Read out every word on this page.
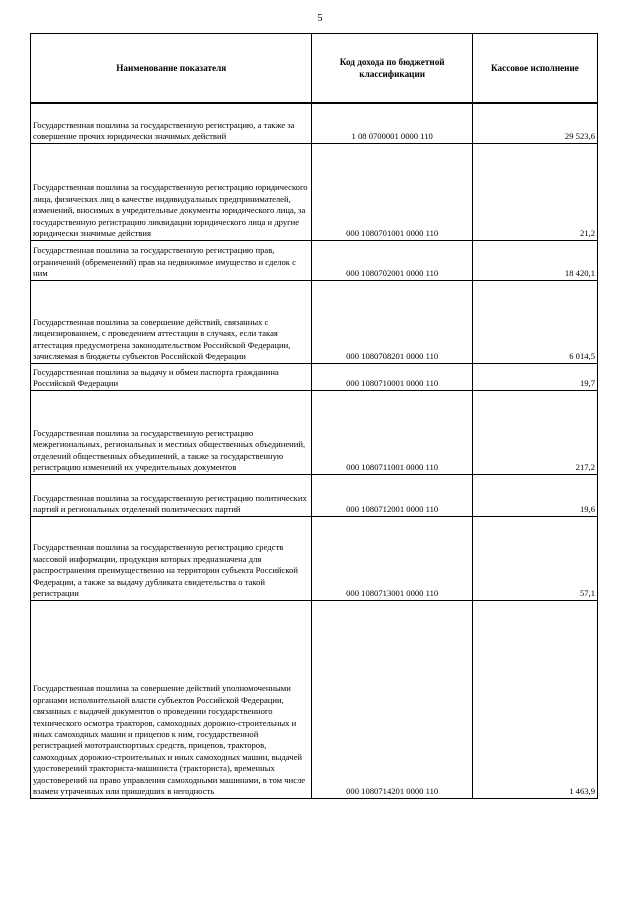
5
Наименование показателя	Код дохода по бюджетной классификации	Кассовое исполнение
Государственная пошлина за государственную регистрацию, а также за совершение прочих юридически значимых действий	1 08 0700001 0000 110	29 523,6
Государственная пошлина за государственную регистрацию юридического лица, физических лиц в качестве индивидуальных предпринимателей, изменений, вносимых в учредительные документы юридического лица, за государственную регистрацию ликвидации юридического лица и другие юридически значимые действия	000 1080701001 0000 110	21,2
Государственная пошлина за государственную регистрацию прав, ограничений (обременений) прав на недвижимое имущество и сделок с ним	000 1080702001 0000 110	18 420,1
Государственная пошлина за совершение действий, связанных с лицензированием, с проведением аттестации в случаях, если такая аттестация предусмотрена законодательством Российской Федерации, зачисляемая в бюджеты субъектов Российской Федерации	000 1080708201 0000 110	6 014,5
Государственная пошлина за выдачу и обмен паспорта гражданина Российской Федерации	000 1080710001 0000 110	19,7
Государственная пошлина за государственную регистрацию межрегиональных, региональных и местных общественных объединений, отделений общественных объединений, а также за государственную регистрацию изменений их учредительных документов	000 1080711001 0000 110	217,2
Государственная пошлина за государственную регистрацию политических партий и региональных отделений политических партий	000 1080712001 0000 110	19,6
Государственная пошлина за государственную регистрацию средств массовой информации, продукция которых предназначена для распространения преимущественно на территории субъекта Российской Федерации, а также за выдачу дубликата свидетельства о такой регистрации	000 1080713001 0000 110	57,1
Государственная пошлина за совершение действий уполномоченными органами исполнительной власти субъектов Российской Федерации, связанных с выдачей документов о проведении государственного технического осмотра тракторов, самоходных дорожно-строительных и иных самоходных машин и прицепов к ним, государственной регистрацией мототранспортных средств, прицепов, тракторов, самоходных дорожно-строительных и иных самоходных машин, выдачей удостоверений тракториста-машиниста (тракториста), временных удостоверений на право управления самоходными машинами, в том числе взамен утраченных или пришедших в негодность	000 1080714201 0000 110	1 463,9
